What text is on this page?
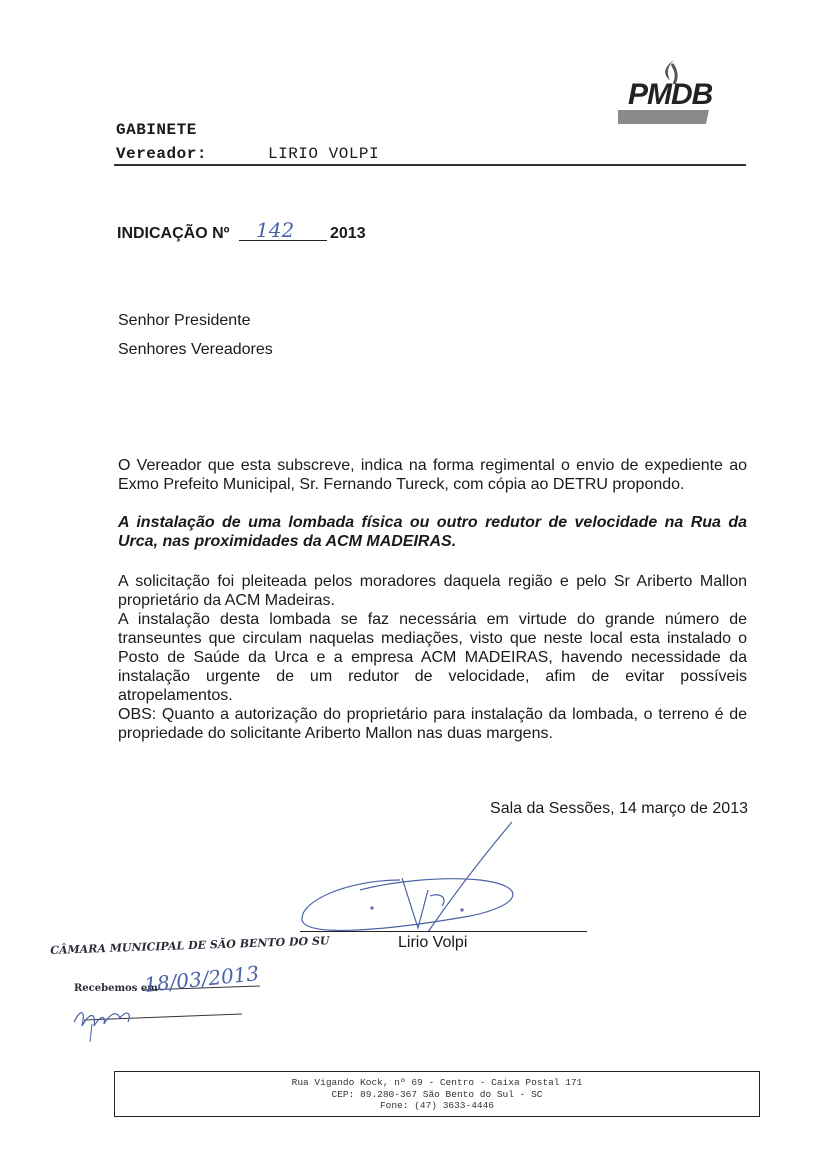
PMDB
GABINETE
Vereador:	LIRIO VOLPI
INDICAÇÃO Nº 142 2013
Senhor Presidente
Senhores Vereadores
O Vereador que esta subscreve, indica na forma regimental o envio de expediente ao Exmo Prefeito Municipal, Sr. Fernando Tureck, com cópia ao DETRU propondo.
A instalação de uma lombada física ou outro redutor de velocidade na Rua da Urca, nas proximidades da ACM MADEIRAS.

A solicitação foi pleiteada pelos moradores daquela região e pelo Sr Ariberto Mallon proprietário da ACM Madeiras.

A instalação desta lombada se faz necessária em virtude do grande número de transeuntes que circulam naquelas mediações, visto que neste local esta instalado o Posto de Saúde da Urca e a empresa ACM MADEIRAS, havendo necessidade da instalação urgente de um redutor de velocidade, afim de evitar possíveis atropelamentos.

OBS: Quanto a autorização do proprietário para instalação da lombada, o terreno é de propriedade do solicitante Ariberto Mallon nas duas margens.

Sala da Sessões, 14 março de 2013
Lirio Volpi
CÂMARA MUNICIPAL DE SÃO BENTO DO SU
Recebemos em
18/03/2013
Rua Vigando Kock, nº 69 - Centro - Caixa Postal 171
CEP: 89.280-367 São Bento do Sul - SC
Fone: (47) 3633-4446
